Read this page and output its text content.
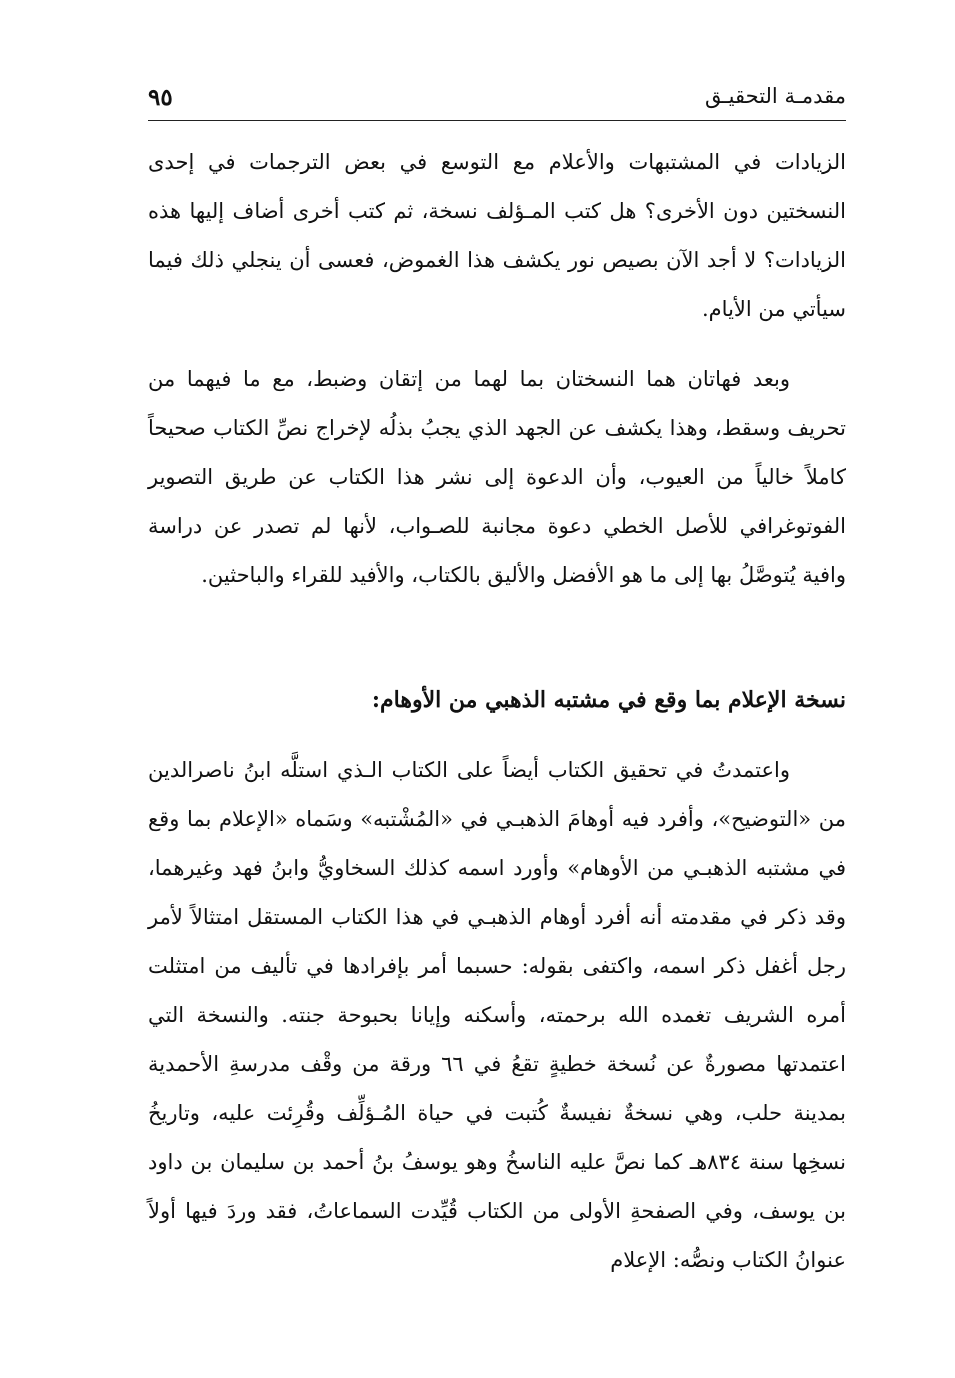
مقدمـة التحقيـق
٩٥

الزيادات في المشتبهات والأعلام مع التوسع في بعض الترجمات في إحدى النسختين دون الأخرى؟ هل كتب المـؤلف نسخة، ثم كتب أخرى أضاف إليها هذه الزيادات؟ لا أجد الآن بصيص نور يكشف هذا الغموض، فعسى أن ينجلي ذلك فيما سيأتي من الأيام.

وبعد فهاتان هما النسختان بما لهما من إتقان وضبط، مع ما فيهما من تحريف وسقط، وهذا يكشف عن الجهد الذي يجبُ بذلُه لإخراج نصِّ الكتاب صحيحاً كاملاً خالياً من العيوب، وأن الدعوة إلى نشر هذا الكتاب عن طريق التصوير الفوتوغرافي للأصل الخطي دعوة مجانبة للصـواب، لأنها لم تصدر عن دراسة وافية يُتوصَّلُ بها إلى ما هو الأفضل والأليق بالكتاب، والأفيد للقراء والباحثين.

نسخة الإعلام بما وقع في مشتبه الذهبي من الأوهام:

واعتمدتُ في تحقيق الكتاب أيضاً على الكتاب الـذي استلَّه ابنُ ناصرالدين من «التوضيح»، وأفرد فيه أوهامَ الذهبـي في «المُشْتبه» وسَماه «الإعلام بما وقع في مشتبه الذهبـي من الأوهام» وأورد اسمه كذلك السخاويُّ وابنُ فهد وغيرهما، وقد ذكر في مقدمته أنه أفرد أوهام الذهبـي في هذا الكتاب المستقل امتثالاً لأمر رجل أغفل ذكر اسمه، واكتفى بقوله: حسبما أمر بإفرادها في تأليف من امتثلت أمره الشريف تغمده الله برحمته، وأسكنه وإيانا بحبوحة جنته. والنسخة التي اعتمدتها مصورةٌ عن نُسخة خطيةٍ تقعُ في ٦٦ ورقة من وقْف مدرسةِ الأحمدية بمدينة حلب، وهي نسخةٌ نفيسةٌ كُتبت في حياة المُـؤلِّف وقُرِئت عليه، وتاريخُ نسخِها سنة ٨٣٤هـ كما نصَّ عليه الناسخُ وهو يوسفُ بنُ أحمد بن سليمان بن داود بن يوسف، وفي الصفحةِ الأولى من الكتاب قُيِّدت السماعاتُ، فقد وردَ فيها أولاً عنوانُ الكتاب ونصُّه: الإعلام
